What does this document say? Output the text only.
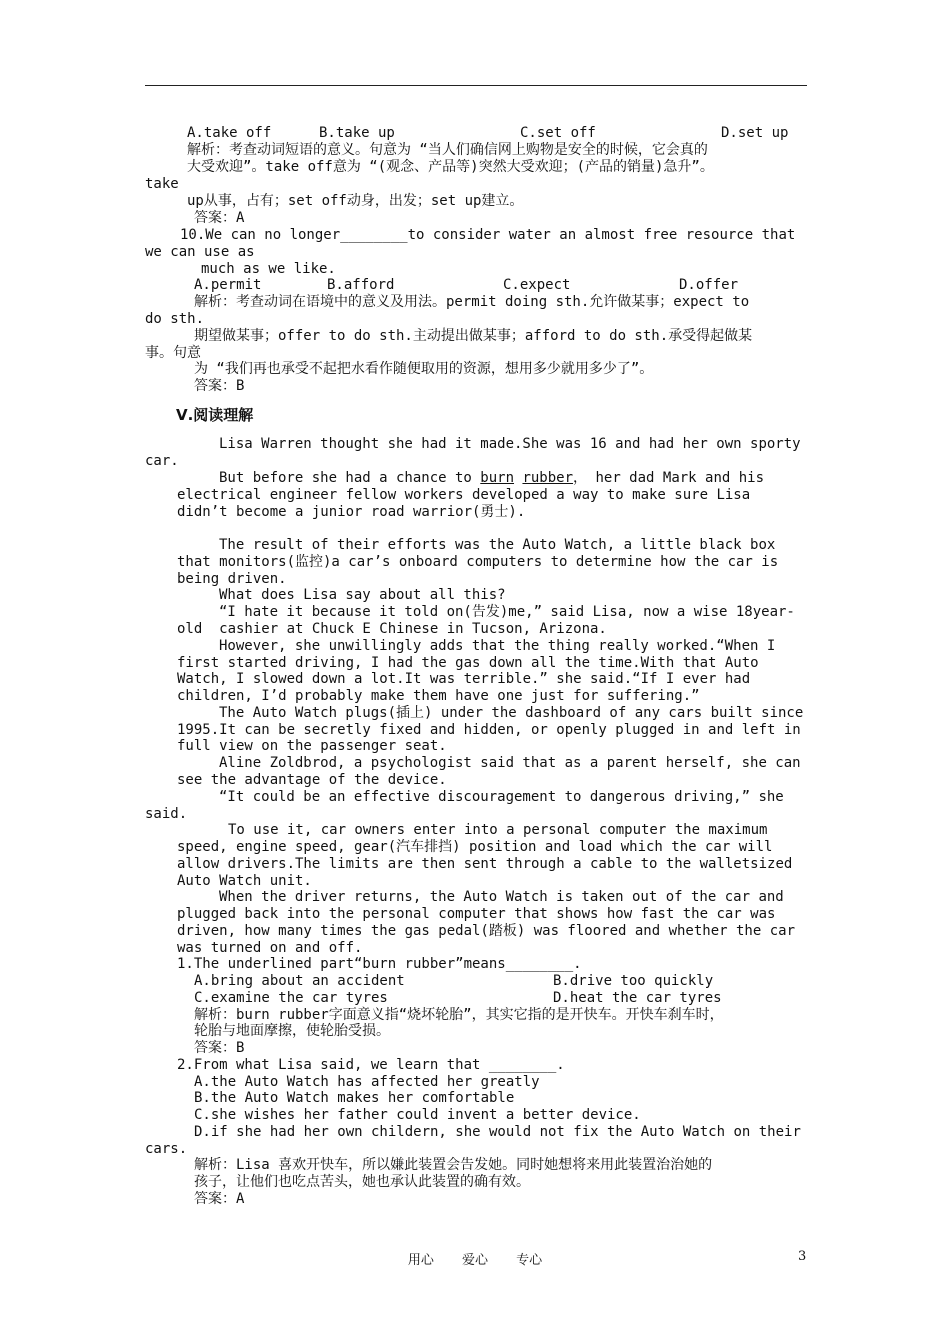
A.take off	B.take up	C.set off	D.set up
解析：考查动词短语的意义。句意为 “当人们确信网上购物是安全的时候，它会真的
大受欢迎”。take off意为 “(观念、产品等)突然大受欢迎；(产品的销量)急升”。
take
up从事，占有；set off动身，出发；set up建立。
答案：A
10.We can no longer________to consider water an almost free resource that
we can use as
much as we like.
A.permit	B.afford	C.expect	D.offer
解析：考查动词在语境中的意义及用法。permit doing sth.允许做某事；expect to
do sth.
期望做某事；offer to do sth.主动提出做某事；afford to do sth.承受得起做某
事。句意
为 “我们再也承受不起把水看作随便取用的资源，想用多少就用多少了”。
答案：B
Ⅴ.阅读理解
Lisa Warren thought she had it made.She was 16 and had her own sporty
car.
But before she had a chance to burn rubber， her dad Mark and his
electrical engineer fellow workers developed a way to make sure Lisa
didn’t become a junior road warrior(勇士).
The result of their efforts was the Auto Watch, a little black box
that monitors(监控)a car’s onboard computers to determine how the car is
being driven.
What does Lisa say about all this?
“I hate it because it told on(告发)me,” said Lisa, now a wise 18year-
old  cashier at Chuck E Chinese in Tucson, Arizona.
However, she unwillingly adds that the thing really worked.“When I
first started driving, I had the gas down all the time.With that Auto
Watch, I slowed down a lot.It was terrible.” she said.“If I ever had
children, I’d probably make them have one just for suffering.”
The Auto Watch plugs(插上) under the dashboard of any cars built since
1995.It can be secretly fixed and hidden, or openly plugged in and left in
full view on the passenger seat.
Aline Zoldbrod, a psychologist said that as a parent herself, she can
see the advantage of the device.
“It could be an effective discouragement to dangerous driving,” she
said.
To use it, car owners enter into a personal computer the maximum
speed, engine speed, gear(汽车排挡) position and load which the car will
allow drivers.The limits are then sent through a cable to the walletsized
Auto Watch unit.
When the driver returns, the Auto Watch is taken out of the car and
plugged back into the personal computer that shows how fast the car was
driven, how many times the gas pedal(踏板) was floored and whether the car
was turned on and off.
1.The underlined part“burn rubber”means________.
A.bring about an accident	B.drive too quickly
C.examine the car tyres	D.heat the car tyres
解析：burn rubber字面意义指“烧坏轮胎”，其实它指的是开快车。开快车刹车时，
轮胎与地面摩擦，使轮胎受损。
答案：B
2.From what Lisa said, we learn that ________.
A.the Auto Watch has affected her greatly
B.the Auto Watch makes her comfortable
C.she wishes her father could invent a better device.
D.if she had her own childern, she would not fix the Auto Watch on their
cars.
解析：Lisa 喜欢开快车，所以嫌此装置会告发她。同时她想将来用此装置治治她的
孩子，让他们也吃点苦头，她也承认此装置的确有效。
答案：A
用心 爱心 专心	3
